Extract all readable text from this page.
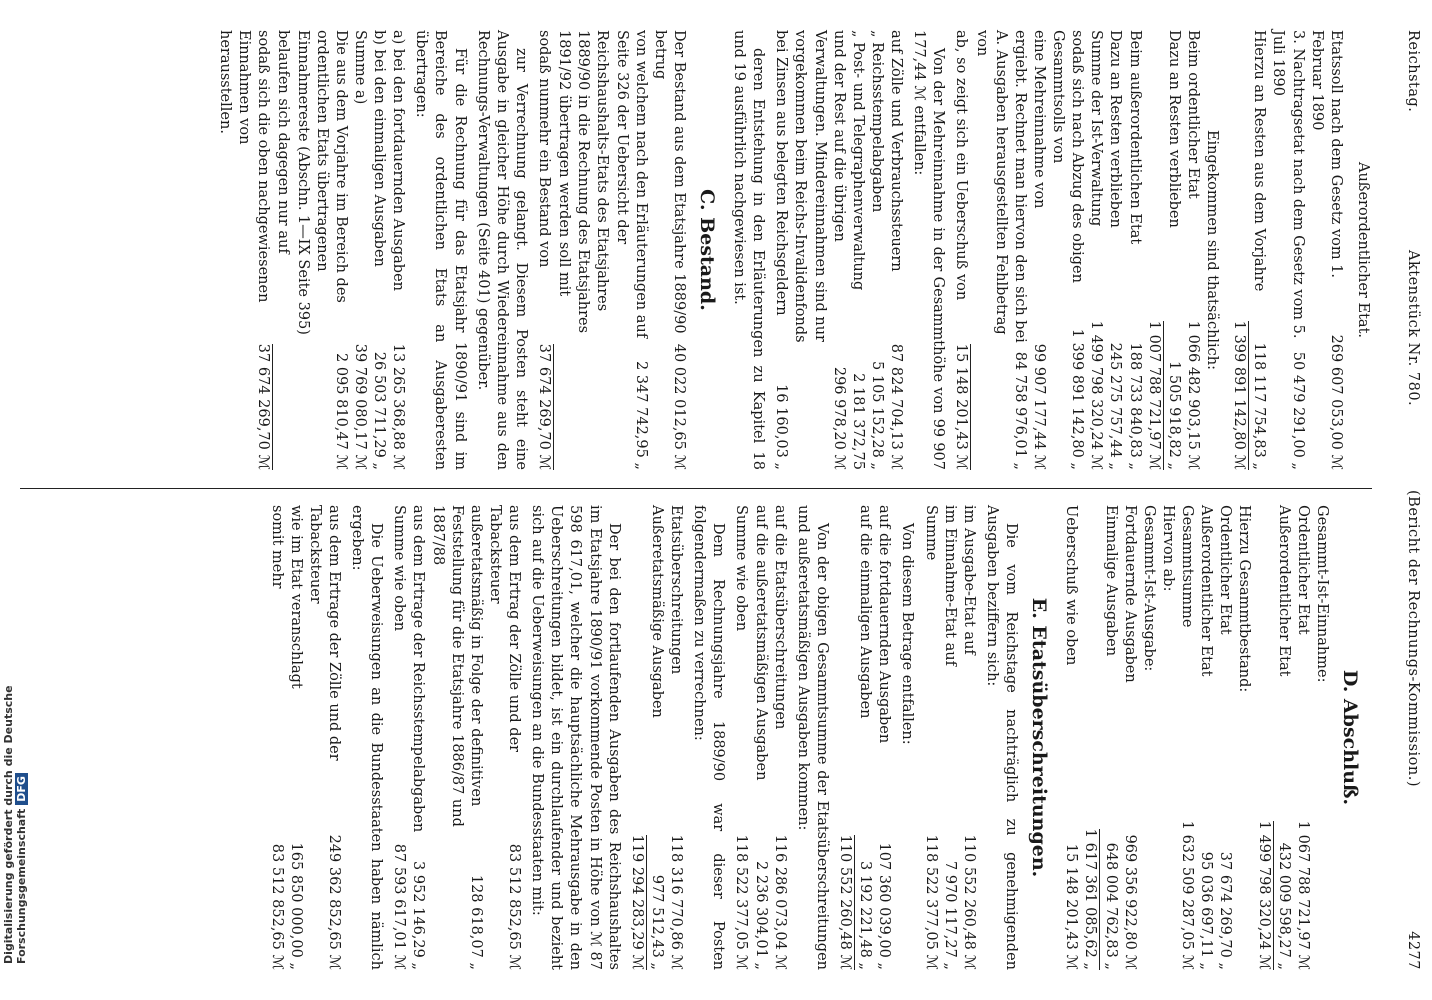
Reichstag.
Aktenstück Nr. 780.
(Bericht der Rechnungs-Kommission.)
4277
Außerordentlicher Etat.
Etatssoll nach dem Gesetz vom 1. Februar 1890
269 607 053,00 ℳ
3. Nachtragsetat nach dem Gesetz vom 5. Juli 1890
50 479 291,00 „
Hierzu an Resten aus dem Vorjahre
118 117 754,83 „
1 399 891 142,80 ℳ
Eingekommen sind thatsächlich:
Beim ordentlicher Etat
1 066 482 903,15 ℳ
Dazu an Resten verblieben
1 505 918,82 „
1 007 788 721,97 ℳ
Beim außerordentlichen Etat
188 733 840,83 „
Dazu an Resten verblieben
245 275 757,44 „
Summe der Ist-Verwaltung
1 499 798 320,24 ℳ
sodaß sich nach Abzug des obigen Gesammtsolls von
1 399 891 142,80 „
eine Mehreinnahme von
99 907 177,44 ℳ
ergiebt. Rechnet man hiervon den sich bei A. Ausgaben herausgestellten Fehlbetrag von
84 758 976,01 „
ab, so zeigt sich ein Ueberschuß von
15 148 201,43 ℳ
Von der Mehreinnahme in der Gesammthöhe von 99 907 177,44 ℳ entfallen:
auf Zölle und Verbrauchssteuern
87 824 704,13 ℳ
„ Reichsstempelabgaben
5 105 152,28 „
„ Post- und Telegraphenverwaltung
2 181 372,75
und der Rest auf die übrigen Verwaltungen. Mindereinnahmen sind nur vorgekommen beim Reichs-Invalidenfonds
296 978,20 ℳ
bei Zinsen aus belegten Reichsgeldern
16 160,03 „
deren Entstehung in den Erläuterungen zu Kapitel 18 und 19 ausführlich nachgewiesen ist.
C. Bestand.
Der Bestand aus dem Etatsjahre 1889/90 betrug
40 022 012,65 ℳ
von welchem nach den Erläuterungen auf Seite 326 der Uebersicht der Reichshaushalts-Etats des Etatsjahres 1889/90 in die Rechnung des Etatsjahres 1891/92 übertragen werden soll mit
2 347 742,95 „
sodaß nunmehr ein Bestand von
37 674 269,70 ℳ
zur Verrechnung gelangt. Diesem Posten steht eine Ausgabe in gleicher Höhe durch Wiedereinnahme aus den Rechnungs-Verwaltungen (Seite 401) gegenüber.
Für die Rechnung für das Etatsjahr 1890/91 sind im Bereiche des ordentlichen Etats an Ausgaberesten übertragen:
a) bei den fortdauernden Ausgaben
13 265 368,88 ℳ
b) bei den einmaligen Ausgaben
26 503 711,29 „
Summe a)
39 769 080,17 ℳ
Die aus dem Vorjahre im Bereich des ordentlichen Etats übertragenen Einnahmereste (Abschn. 1—IX Seite 395) belaufen sich dagegen nur auf
2 095 810,47 ℳ
sodaß sich die oben nachgewiesenen Einnahmen von
37 674 269,70 ℳ
herausstellen.
D. Abschluß.
Gesammt-Ist-Einnahme:
Ordentlicher Etat
1 067 788 721,97 ℳ
Außerordentlicher Etat
432 009 598,27 „
1 499 798 320,24 ℳ
Hierzu Gesammtbestand:
Ordentlicher Etat
37 674 269,70 „
Außerordentlicher Etat
95 036 697,11 „
Gesammtsumme
1 632 509 287,05 ℳ
Hiervon ab:
Gesammt-Ist-Ausgabe:
Fortdauernde Ausgaben
969 356 922,80 ℳ
Einmalige Ausgaben
648 004 762,83 „
1 617 361 085,62 „
Ueberschuß wie oben
15 148 201,43 ℳ
E. Etatsüberschreitungen.
Die vom Reichstage nachträglich zu genehmigenden Ausgaben beziffern sich:
im Ausgabe-Etat auf
110 552 260,48 ℳ
im Einnahme-Etat auf
7 970 117,27 „
Summe
118 522 377,05 ℳ
Von diesem Betrage entfallen:
auf die fortdauernden Ausgaben
107 360 039,00 „
auf die einmaligen Ausgaben
3 192 221,48 „
110 552 260,48 ℳ
Von der obigen Gesammtsumme der Etatsüberschreitungen und außeretatsmäßigen Ausgaben kommen:
auf die Etatsüberschreitungen
116 286 073,04 ℳ
auf die außeretatsmäßigen Ausgaben
2 236 304,01 „
Summe wie oben
118 522 377,05 ℳ
Dem Rechnungsjahre 1889/90 war dieser Posten folgendermaßen zu verrechnen:
Etatsüberschreitungen
118 316 770,86 ℳ
Außeretatsmäßige Ausgaben
977 512,43 „
119 294 283,29 ℳ
Der bei den fortlaufenden Ausgaben des Reichshaushaltes im Etatsjahre 1890/91 vorkommende Posten in Höhe von ℳ 87 598 617,01, welcher die hauptsächliche Mehrausgabe in den Ueberschreitungen bildet, ist ein durchlaufender und bezieht sich auf die Ueberweisungen an die Bundesstaaten mit:
aus dem Ertrag der Zölle und der Tabacksteuer
83 512 852,65 ℳ
außeretatsmäßig in Folge der definitiven Feststellung für die Etatsjahre 1886/87 und 1887/88
128 618,07 „
aus dem Ertrage der Reichsstempelabgaben
3 952 146,29 „
Summe wie oben
87 593 617,01 ℳ
Die Ueberweisungen an die Bundesstaaten haben nämlich ergeben:
aus dem Ertrage der Zölle und der Tabacksteuer
249 362 852,65 ℳ
wie im Etat veranschlagt
165 850 000,00 „
somit mehr
83 512 852,65 ℳ
Digitalisierung gefördert durch die Deutsche ForschungsgemeinschaftDFG
